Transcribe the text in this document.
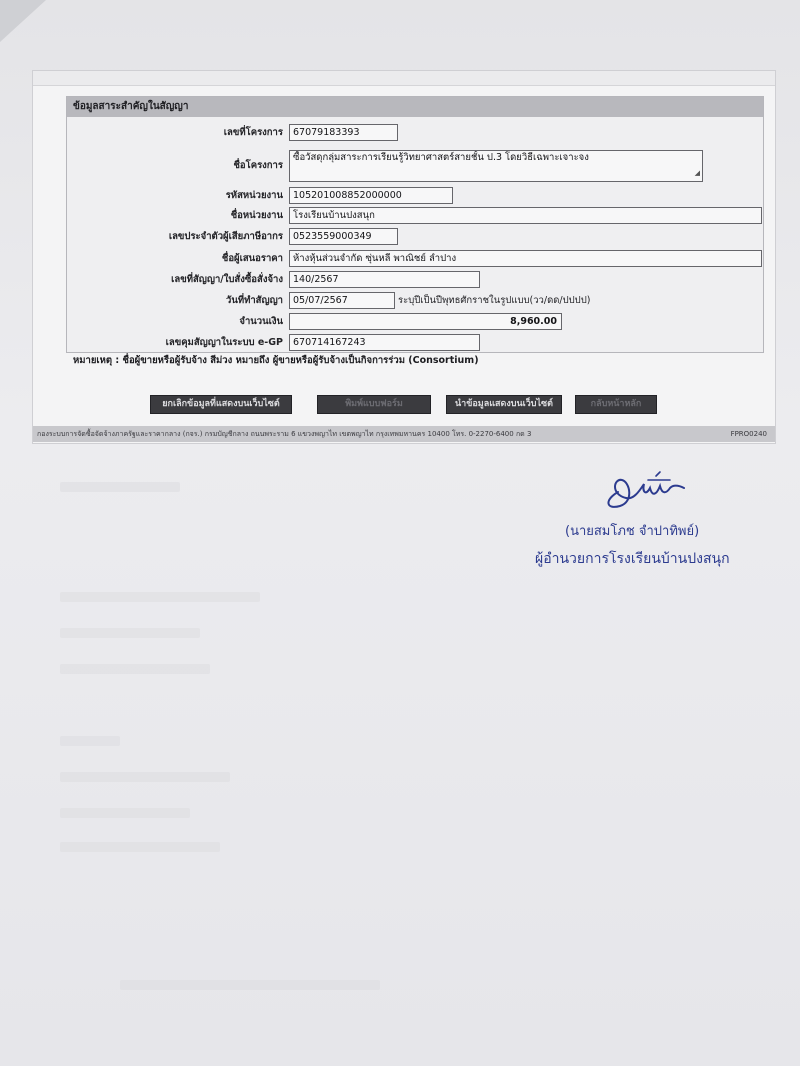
ข้อมูลสาระสำคัญในสัญญา
เลขที่โครงการ	67079183393
ชื่อโครงการ
ซื้อวัสดุกลุ่มสาระการเรียนรู้วิทยาศาสตร์สายชั้น ป.3 โดยวิธีเฉพาะเจาะจง
◢
รหัสหน่วยงาน	105201008852000000
ชื่อหน่วยงาน	โรงเรียนบ้านปงสนุก
เลขประจำตัวผู้เสียภาษีอากร	0523559000349
ชื่อผู้เสนอราคา	ห้างหุ้นส่วนจำกัด ซุ่นหลี พาณิชย์ ลำปาง
เลขที่สัญญา/ใบสั่งซื้อสั่งจ้าง	140/2567
วันที่ทำสัญญา	05/07/2567	ระบุปีเป็นปีพุทธศักราชในรูปแบบ(วว/ดด/ปปปป)
จำนวนเงิน	8,960.00
เลขคุมสัญญาในระบบ e-GP	670714167243
หมายเหตุ : ชื่อผู้ขายหรือผู้รับจ้าง สีม่วง หมายถึง ผู้ขายหรือผู้รับจ้างเป็นกิจการร่วม (Consortium)
ยกเลิกข้อมูลที่แสดงบนเว็บไซต์	พิมพ์แบบฟอร์ม	นำข้อมูลแสดงบนเว็บไซต์	กลับหน้าหลัก
กองระบบการจัดซื้อจัดจ้างภาครัฐและราคากลาง (กจร.) กรมบัญชีกลาง ถนนพระราม 6 แขวงพญาไท เขตพญาไท กรุงเทพมหานคร 10400 โทร. 0-2270-6400 กด 3	FPRO0240
(นายสมโภช จำปาทิพย์)
ผู้อำนวยการโรงเรียนบ้านปงสนุก
